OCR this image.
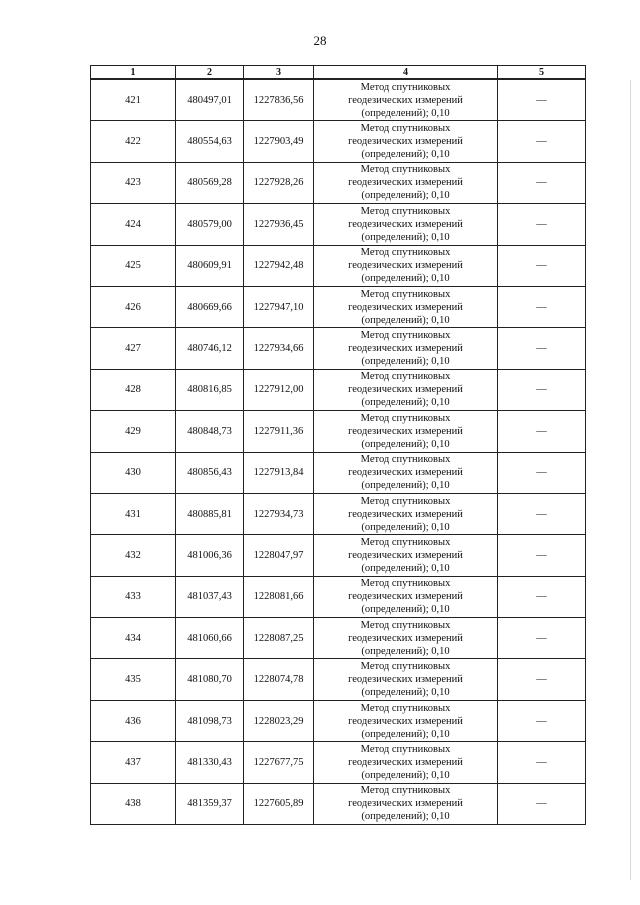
28
1	2	3	4	5
421	480497,01	1227836,56	Метод спутниковых
геодезических измерений
(определений); 0,10	—
422	480554,63	1227903,49	Метод спутниковых
геодезических измерений
(определений); 0,10	—
423	480569,28	1227928,26	Метод спутниковых
геодезических измерений
(определений); 0,10	—
424	480579,00	1227936,45	Метод спутниковых
геодезических измерений
(определений); 0,10	—
425	480609,91	1227942,48	Метод спутниковых
геодезических измерений
(определений); 0,10	—
426	480669,66	1227947,10	Метод спутниковых
геодезических измерений
(определений); 0,10	—
427	480746,12	1227934,66	Метод спутниковых
геодезических измерений
(определений); 0,10	—
428	480816,85	1227912,00	Метод спутниковых
геодезических измерений
(определений); 0,10	—
429	480848,73	1227911,36	Метод спутниковых
геодезических измерений
(определений); 0,10	—
430	480856,43	1227913,84	Метод спутниковых
геодезических измерений
(определений); 0,10	—
431	480885,81	1227934,73	Метод спутниковых
геодезических измерений
(определений); 0,10	—
432	481006,36	1228047,97	Метод спутниковых
геодезических измерений
(определений); 0,10	—
433	481037,43	1228081,66	Метод спутниковых
геодезических измерений
(определений); 0,10	—
434	481060,66	1228087,25	Метод спутниковых
геодезических измерений
(определений); 0,10	—
435	481080,70	1228074,78	Метод спутниковых
геодезических измерений
(определений); 0,10	—
436	481098,73	1228023,29	Метод спутниковых
геодезических измерений
(определений); 0,10	—
437	481330,43	1227677,75	Метод спутниковых
геодезических измерений
(определений); 0,10	—
438	481359,37	1227605,89	Метод спутниковых
геодезических измерений
(определений); 0,10	—
